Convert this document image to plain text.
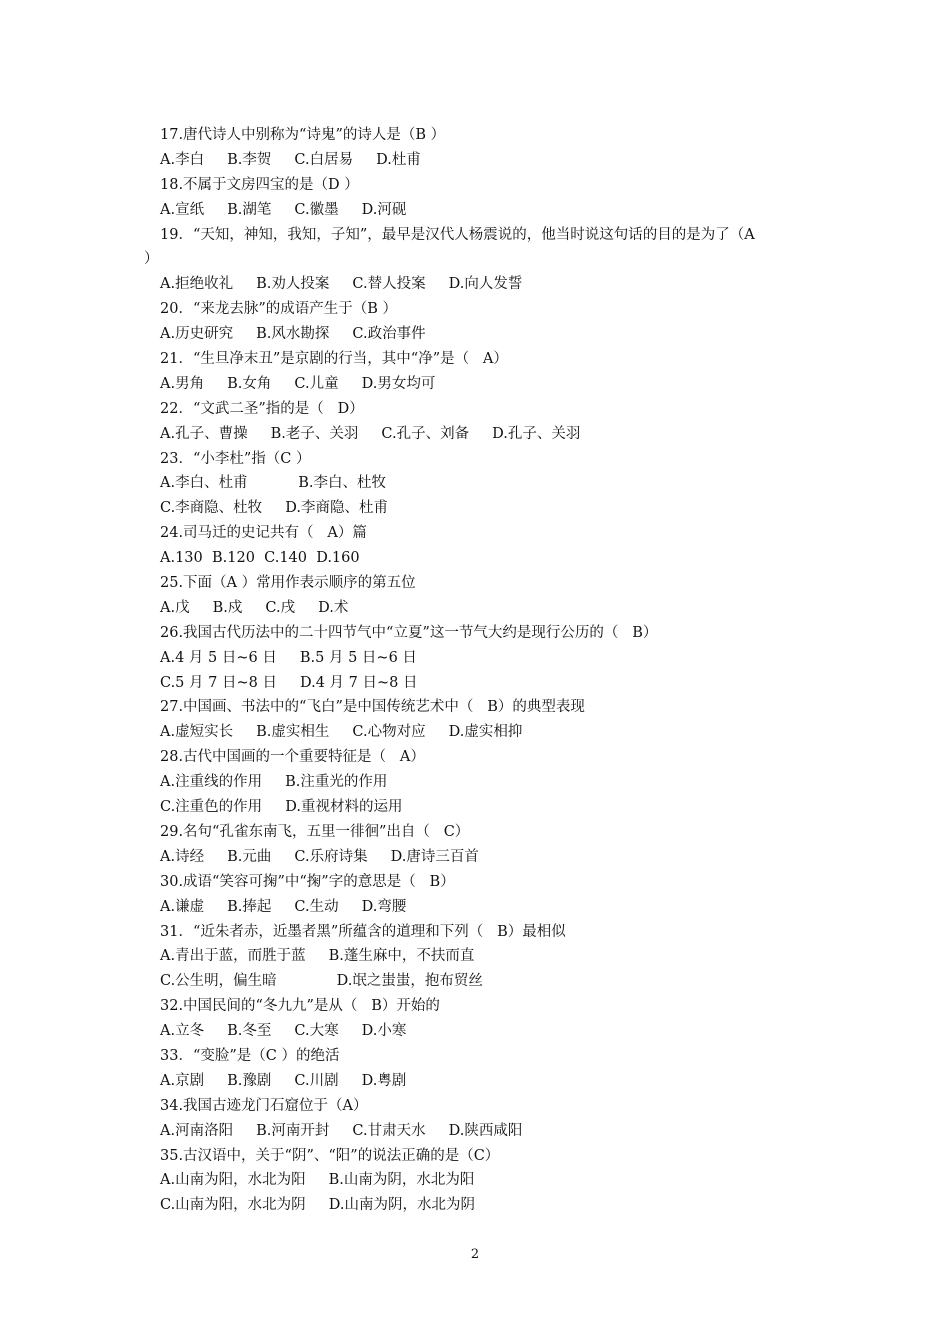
17.唐代诗人中别称为“诗鬼”的诗人是（B ）
A.李白     B.李贺     C.白居易     D.杜甫
18.不属于文房四宝的是（D ）
A.宣纸     B.湖笔     C.徽墨     D.河砚
19．“天知，神知，我知，子知”，最早是汉代人杨震说的，他当时说这句话的目的是为了（A
）
A.拒绝收礼     B.劝人投案     C.替人投案     D.向人发誓
20．“来龙去脉”的成语产生于（B ）
A.历史研究     B.风水勘探     C.政治事件
21．“生旦净末丑”是京剧的行当，其中“净”是（   A）
A.男角     B.女角     C.儿童     D.男女均可
22．“文武二圣”指的是（   D）
A.孔子、曹操     B.老子、关羽     C.孔子、刘备     D.孔子、关羽
23．“小李杜”指（C ）
A.李白、杜甫           B.李白、杜牧
C.李商隐、杜牧     D.李商隐、杜甫
24.司马迁的史记共有（   A）篇
A.130  B.120  C.140  D.160
25.下面（A ）常用作表示顺序的第五位
A.戊     B.戍     C.戌     D.术
26.我国古代历法中的二十四节气中“立夏”这一节气大约是现行公历的（   B）
A.4 月 5 日~6 日     B.5 月 5 日~6 日
C.5 月 7 日~8 日     D.4 月 7 日~8 日
27.中国画、书法中的“飞白”是中国传统艺术中（   B）的典型表现
A.虚短实长     B.虚实相生     C.心物对应     D.虚实相抑
28.古代中国画的一个重要特征是（   A）
A.注重线的作用     B.注重光的作用
C.注重色的作用     D.重视材料的运用
29.名句“孔雀东南飞，五里一徘徊”出自（   C）
A.诗经     B.元曲     C.乐府诗集     D.唐诗三百首
30.成语“笑容可掬”中“掬”字的意思是（   B）
A.谦虚     B.捧起     C.生动     D.弯腰
31．“近朱者赤，近墨者黑”所蕴含的道理和下列（   B）最相似
A.青出于蓝，而胜于蓝     B.蓬生麻中，不扶而直
C.公生明，偏生暗             D.氓之蚩蚩，抱布贸丝
32.中国民间的“冬九九”是从（   B）开始的
A.立冬     B.冬至     C.大寒     D.小寒
33．“变脸”是（C ）的绝活
A.京剧     B.豫剧     C.川剧     D.粤剧
34.我国古迹龙门石窟位于（A）
A.河南洛阳     B.河南开封     C.甘肃天水     D.陕西咸阳
35.古汉语中，关于“阴”、“阳”的说法正确的是（C）
A.山南为阳，水北为阳     B.山南为阴，水北为阳
C.山南为阳，水北为阴     D.山南为阴，水北为阴
2
